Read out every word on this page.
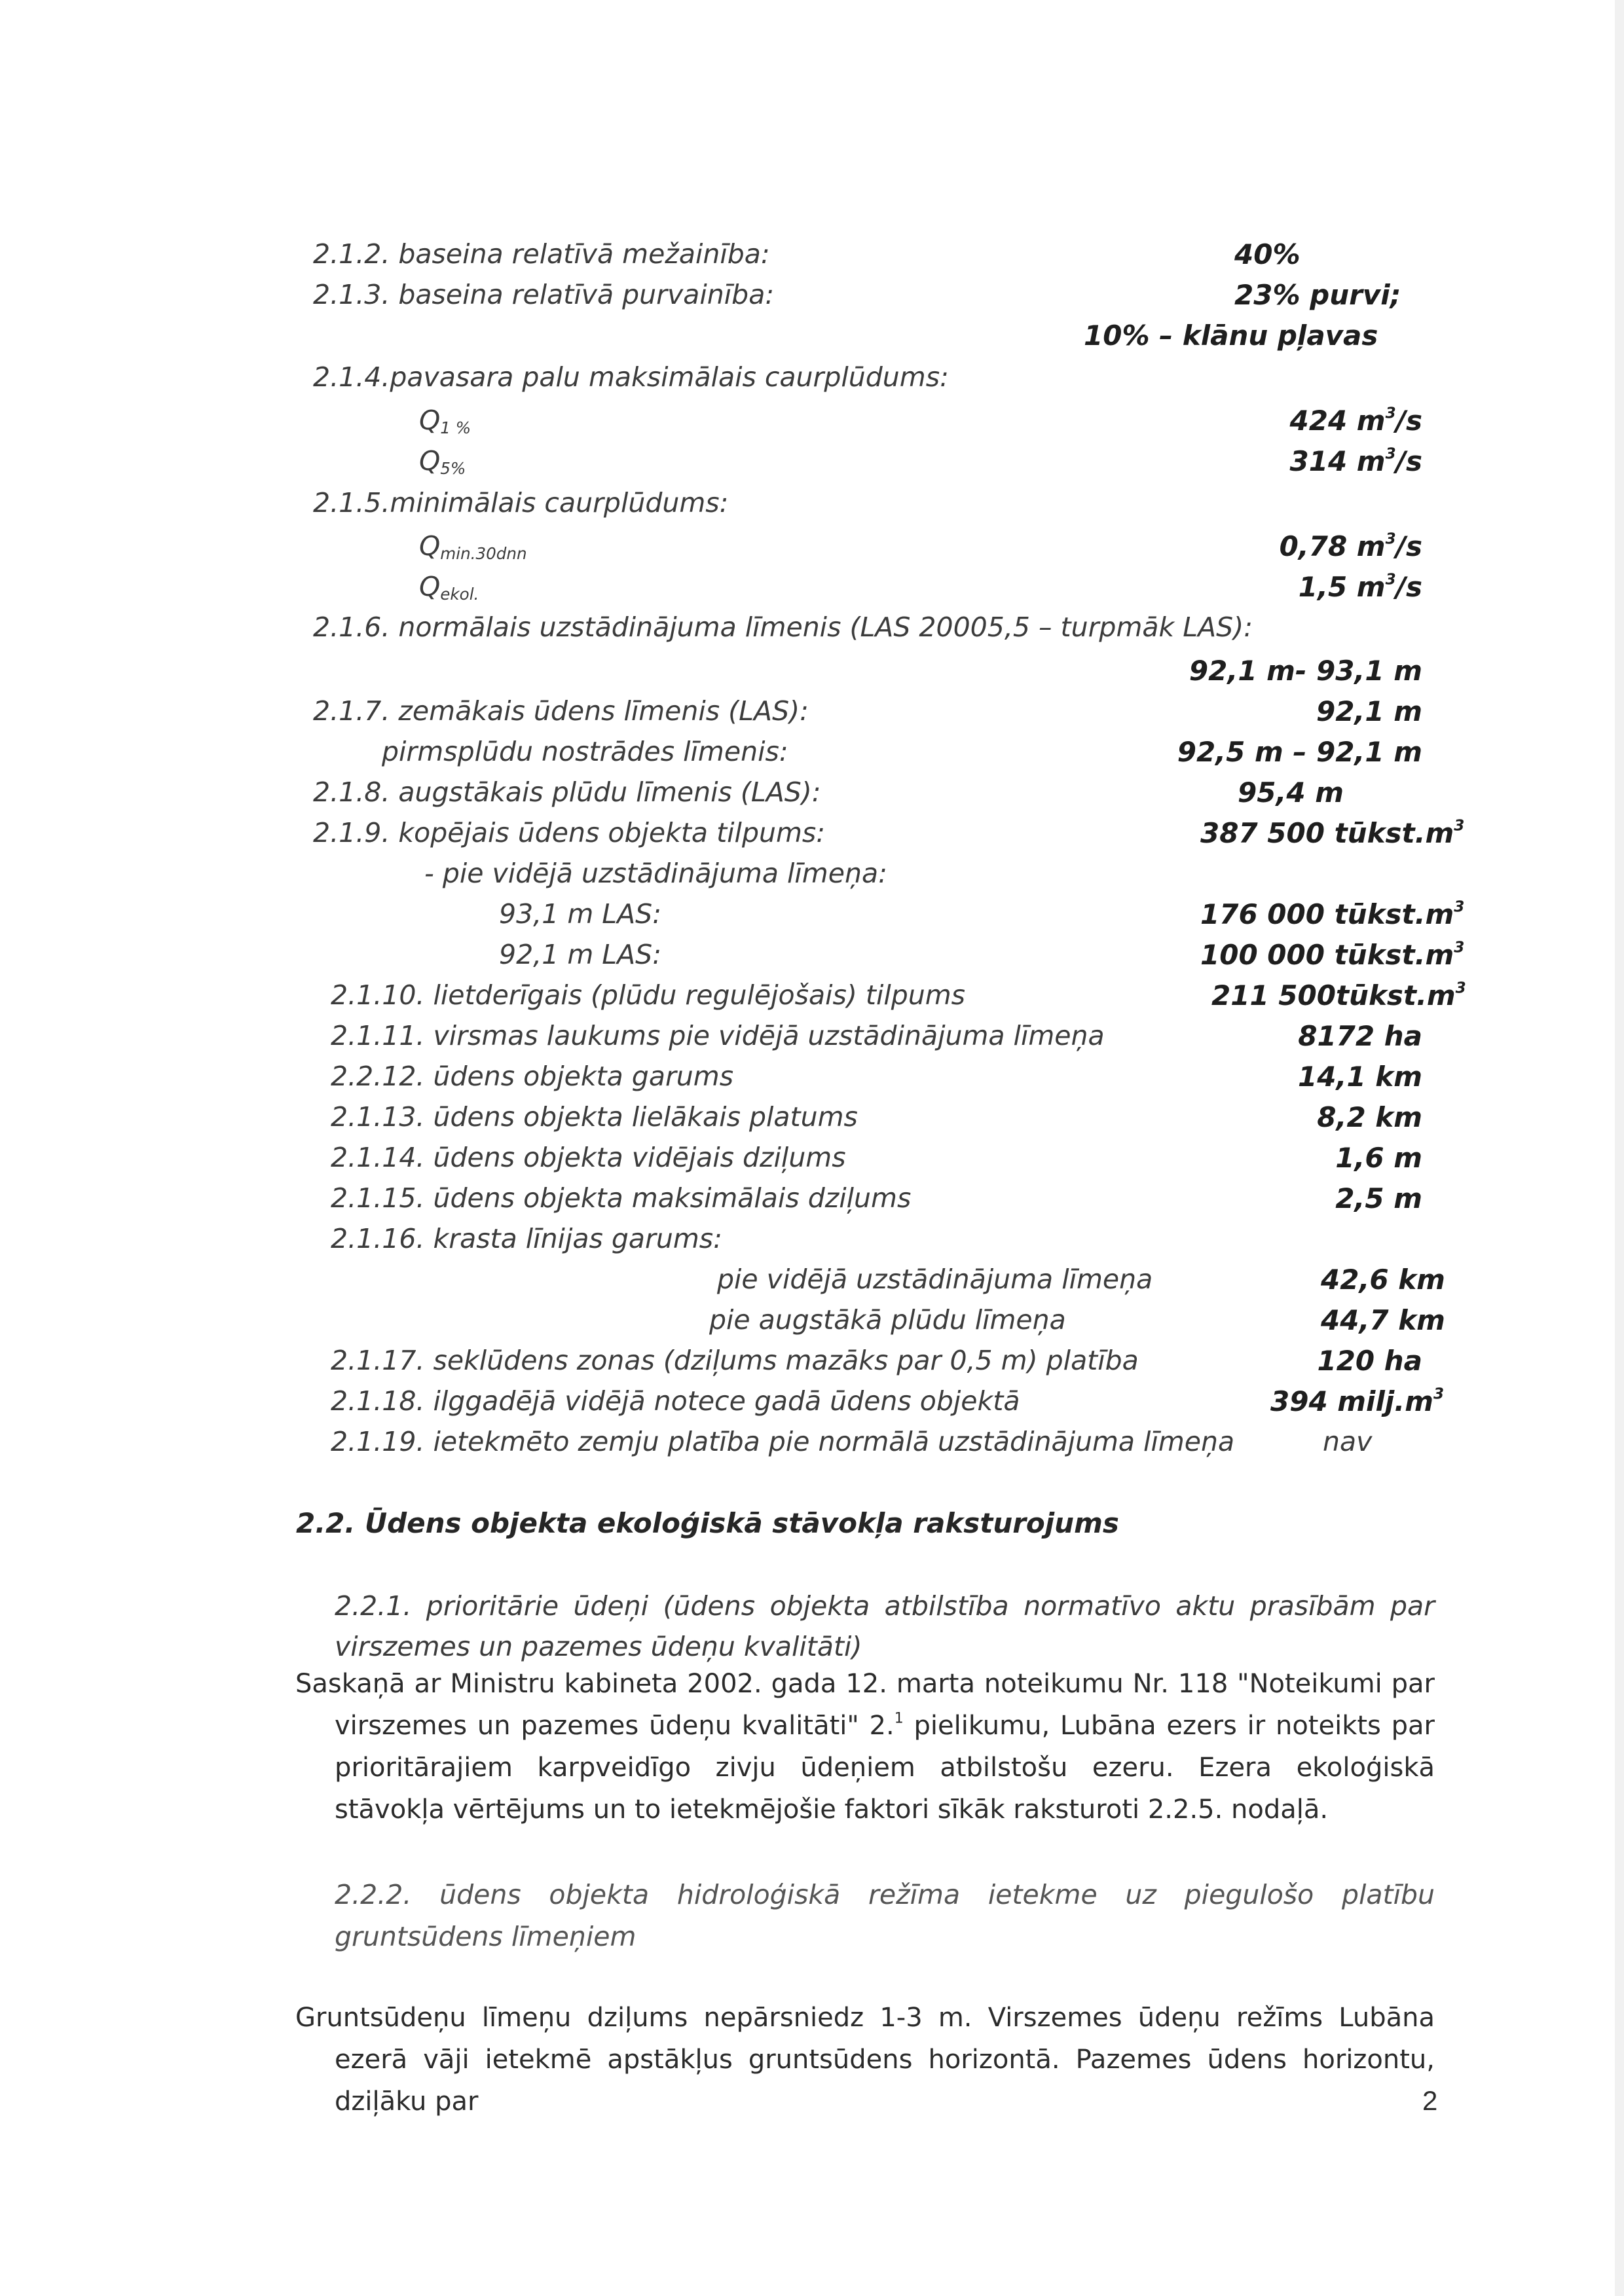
2.1.2. baseina relatīvā mežainība:	40%
2.1.3. baseina relatīvā purvainība:	23% purvi;
10% – klānu pļavas
2.1.4.pavasara palu maksimālais caurplūdums:
$Q_{1 \%}$	424 $m^3/s$
$Q_{5\%}$	314 $m^3/s$
2.1.5.minimālais caurplūdums:
$Q_{min.30dnn}$	0,78 $m^3/s$
$Q_{ekol.}$	1,5 $m^3/s$
2.1.6. normālais uzstādinājuma līmenis (LAS 20005,5 – turpmāk LAS):
92,1 m- 93,1 m
2.1.7. zemākais ūdens līmenis (LAS):	92,1 m
pirmsplūdu nostrādes līmenis:	92,5 m – 92,1 m
2.1.8. augstākais plūdu līmenis (LAS):	95,4 m
2.1.9. kopējais ūdens objekta tilpums:	387 500 $tūkst.m^3$
- pie vidējā uzstādinājuma līmeņa:
93,1 m LAS:	176 000 $tūkst.m^3$
92,1 m LAS:	100 000 $tūkst.m^3$
2.1.10. lietderīgais (plūdu regulējošais) tilpums	211 $500tūkst.m^3$
2.1.11. virsmas laukums pie vidējā uzstādinājuma līmeņa	8172 ha
2.2.12. ūdens objekta garums	14,1 km
2.1.13. ūdens objekta lielākais platums	8,2 km
2.1.14. ūdens objekta vidējais dziļums	1,6 m
2.1.15. ūdens objekta maksimālais dziļums	2,5 m
2.1.16. krasta līnijas garums:
pie vidējā uzstādinājuma līmeņa	42,6 km
pie augstākā plūdu līmeņa	44,7 km
2.1.17. seklūdens zonas (dziļums mazāks par 0,5 m) platība	120 ha
2.1.18. ilggadējā vidējā notece gadā ūdens objektā	394 $milj.m^3$
2.1.19. ietekmēto zemju platība pie normālā uzstādinājuma līmeņa	nav
2.2. Ūdens objekta ekoloģiskā stāvokļa raksturojums
2.2.1. prioritārie ūdeņi (ūdens objekta atbilstība normatīvo aktu prasībām par virszemes un pazemes ūdeņu kvalitāti)
Saskaņā ar Ministru kabineta 2002. gada 12. marta noteikumu Nr. 118 "Noteikumi par virszemes un pazemes ūdeņu kvalitāti" 2.$^1$ pielikumu, Lubāna ezers ir noteikts par prioritārajiem karpveidīgo zivju ūdeņiem atbilstošu ezeru. Ezera ekoloģiskā stāvokļa vērtējums un to ietekmējošie faktori sīkāk raksturoti 2.2.5. nodaļā.
2.2.2. ūdens objekta hidroloģiskā režīma ietekme uz piegulošo platību gruntsūdens līmeņiem
Gruntsūdeņu līmeņu dziļums nepārsniedz 1-3 m. Virszemes ūdeņu režīms Lubāna ezerā vāji ietekmē apstākļus gruntsūdens horizontā. Pazemes ūdens horizontu, dziļāku par	2
